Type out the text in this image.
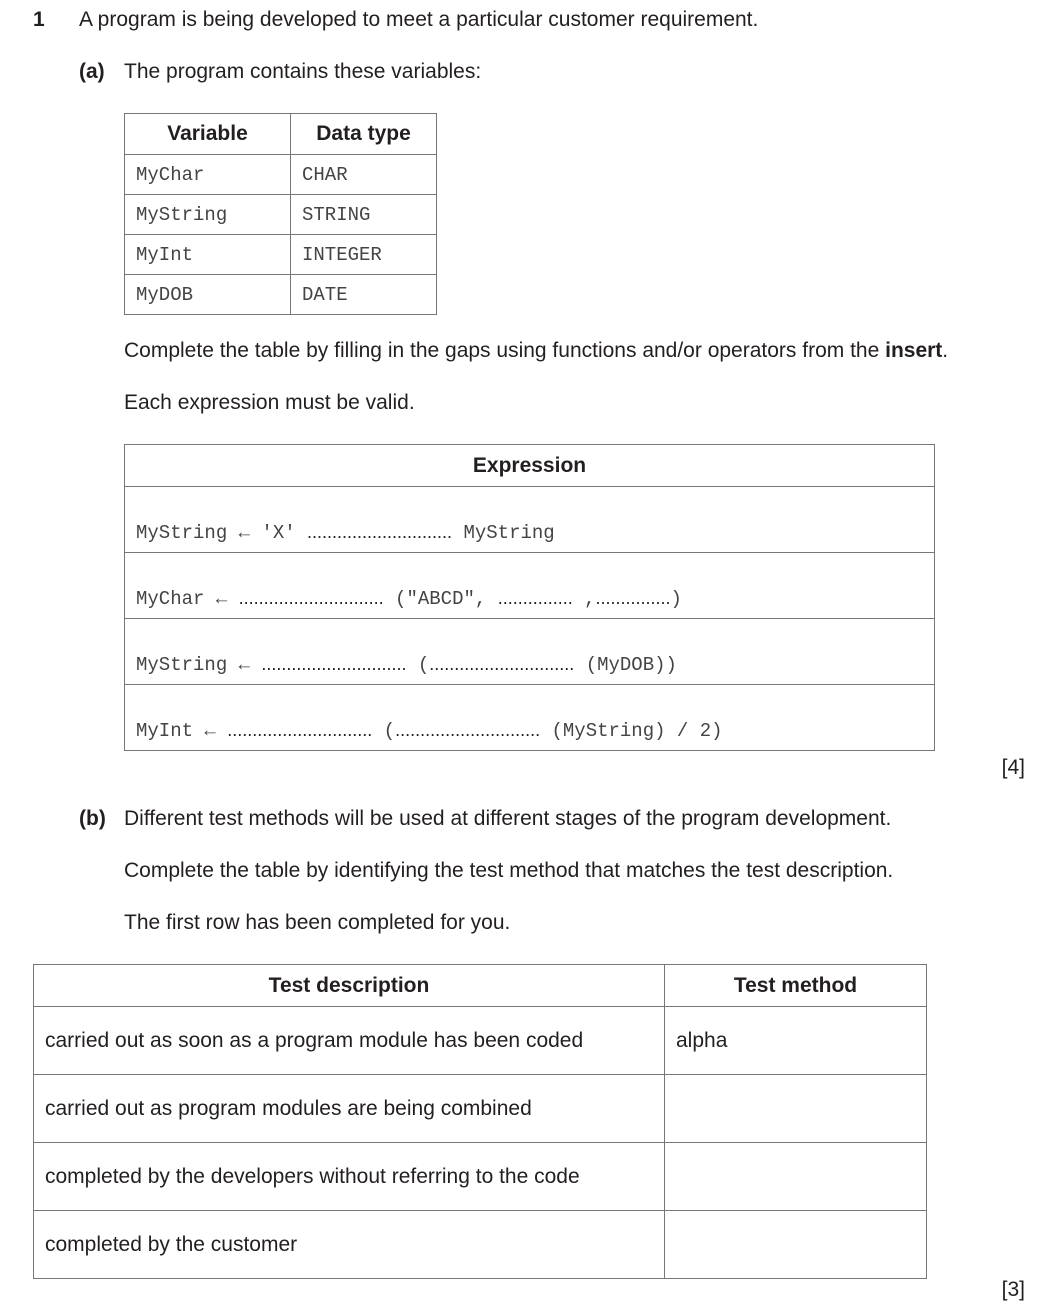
1 A program is being developed to meet a particular customer requirement.
(a) The program contains these variables:
Variable	Data type
MyChar	CHAR
MyString	STRING
MyInt	INTEGER
MyDOB	DATE
Complete the table by filling in the gaps using functions and/or operators from the insert.
Each expression must be valid.
Expression
MyString ← 'X' ............................. MyString
MyChar ← ............................. ("ABCD", ............... ,...............)
MyString ← ............................. (............................. (MyDOB))
MyInt ← ............................. (............................. (MyString) / 2)
[4]
(b) Different test methods will be used at different stages of the program development.
Complete the table by identifying the test method that matches the test description.
The first row has been completed for you.
Test description	Test method
carried out as soon as a program module has been coded	alpha
carried out as program modules are being combined	
completed by the developers without referring to the code	
completed by the customer	
[3]
